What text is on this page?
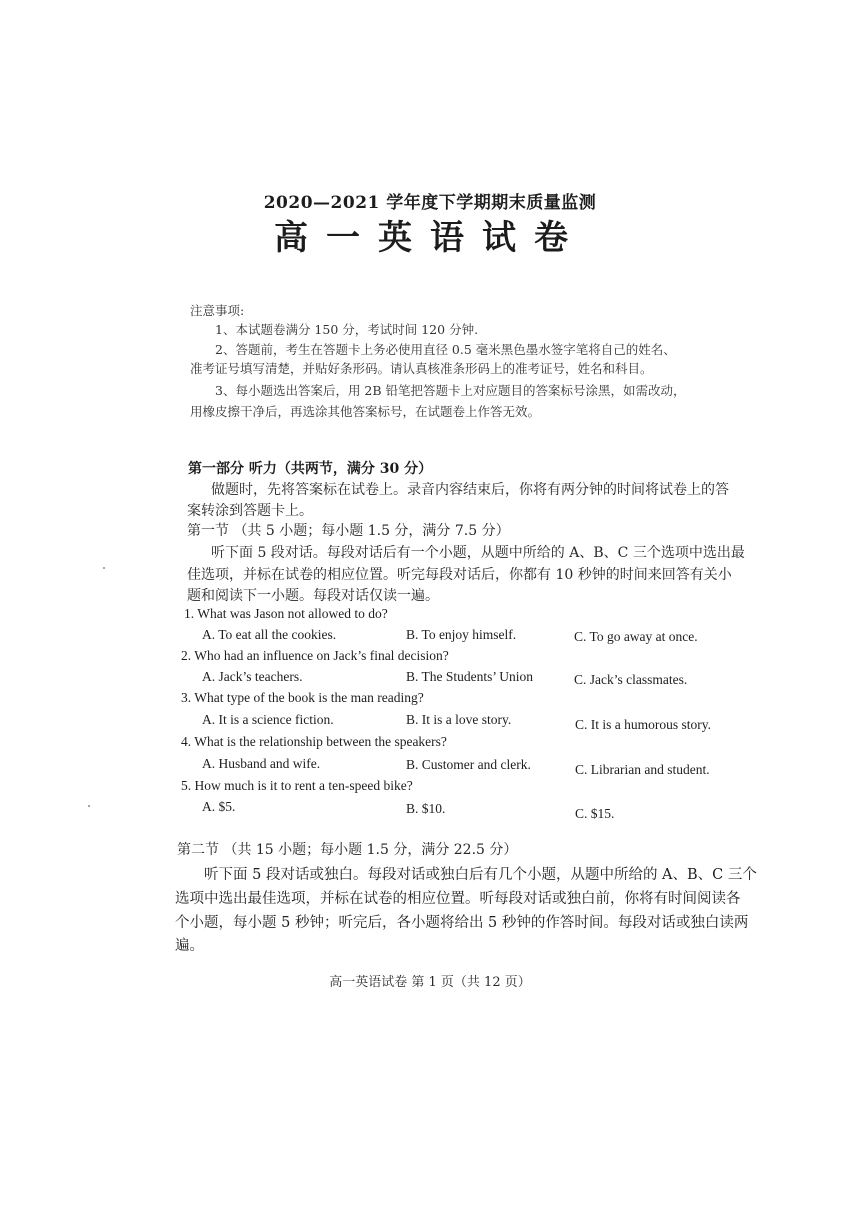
2020—2021 学年度下学期期末质量监测
高一英语试卷
注意事项:
1、本试题卷满分 150 分，考试时间 120 分钟.
2、答题前，考生在答题卡上务必使用直径 0.5 毫米黑色墨水签字笔将自己的姓名、
准考证号填写清楚，并贴好条形码。请认真核准条形码上的准考证号，姓名和科目。
3、每小题选出答案后，用 2B 铅笔把答题卡上对应题目的答案标号涂黑，如需改动，
用橡皮擦干净后，再选涂其他答案标号，在试题卷上作答无效。
第一部分 听力（共两节，满分 30 分）
做题时，先将答案标在试卷上。录音内容结束后，你将有两分钟的时间将试卷上的答
案转涂到答题卡上。
第一节 （共 5 小题；每小题 1.5 分，满分 7.5 分）
听下面 5 段对话。每段对话后有一个小题，从题中所给的 A、B、C 三个选项中选出最
佳选项，并标在试卷的相应位置。听完每段对话后，你都有 10 秒钟的时间来回答有关小
题和阅读下一小题。每段对话仅读一遍。
1. What was Jason not allowed to do?
A. To eat all the cookies.	B. To enjoy himself.	C. To go away at once.
2. Who had an influence on Jack’s final decision?
A. Jack’s teachers.	B. The Students’ Union	C. Jack’s classmates.
3. What type of the book is the man reading?
A. It is a science fiction.	B. It is a love story.	C. It is a humorous story.
4. What is the relationship between the speakers?
A. Husband and wife.	B. Customer and clerk.	C. Librarian and student.
5. How much is it to rent a ten-speed bike?
A. $5.	B. $10.	C. $15.
第二节 （共 15 小题；每小题 1.5 分，满分 22.5 分）
听下面 5 段对话或独白。每段对话或独白后有几个小题，从题中所给的 A、B、C 三个
选项中选出最佳选项，并标在试卷的相应位置。听每段对话或独白前，你将有时间阅读各
个小题，每小题 5 秒钟；听完后，各小题将给出 5 秒钟的作答时间。每段对话或独白读两
遍。
高一英语试卷 第 1 页（共 12 页）
